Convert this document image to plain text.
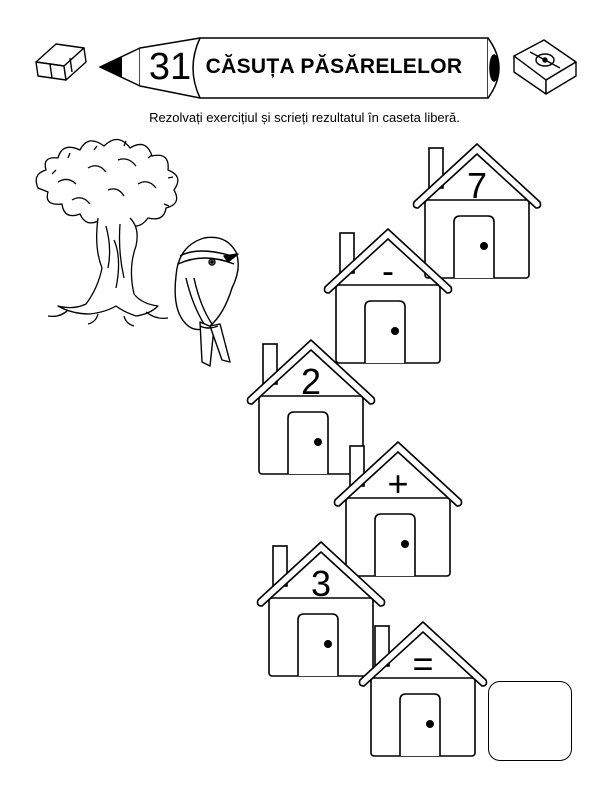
31 CĂSUȚA PĂSĂRELELOR
Rezolvați exercițiul și scrieți rezultatul în caseta liberă.
7
-
2
+
3
=
